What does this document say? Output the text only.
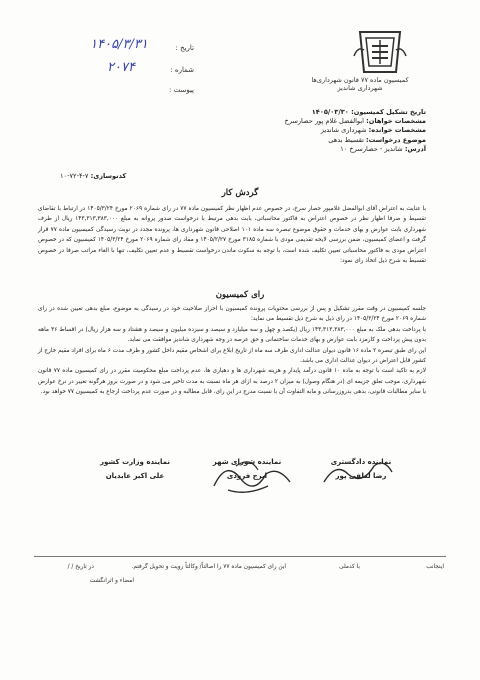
کمیسیون ماده ۷۷ قانون شهرداری‌ها
شهرداری شاندیز
تاریخ :
۱۴۰۵/۳/۳۱
شماره :
۲۰۷۴
پیوست :
تاریخ تشکیل کمیسیون: ۱۴۰۵/۰۳/۳۰
مشخصات خواهان: ابوالفضل غلام پور حصارسرخ
مشخصات خوانده: شهرداری شاندیز
موضوع درخواست: تقسیط بدهی
آدرس: شاندیز - حصارسرخ ۱۰
کدنوسازی: ۷-۴-۷۲-۱۰
گردش کار
با عنایت به اعتراض آقای ابوالفضل غلامپور حصار سرخ، در خصوص عدم اظهار نظر کمیسیون ماده ۷۷ در رای شماره ۲۰۶۹ مورخ ۱۴۰۵/۳/۲۴ در ارتباط با تقاضای تقسیط و صرفا اظهار نظر در خصوص اعتراض به فاکتور محاسباتی، بابت بدهی مرتبط با درخواست صدور پروانه به مبلغ ۱۴۳,۳۱۳,۳۸۳,۰۰۰ ریال از طرف شهرداری بابت عوارض و بهای خدمات و حقوق موضوع تبصره سه ماده ۱۰۱ اصلاحی قانون شهرداری ها، پرونده مجدد در نوبت رسیدگی کمیسیون ماده ۷۷ قرار گرفت و اعضای کمیسیون، ضمن بررسی لایحه تقدیمی مودی با شماره ۳۱۸۵ مورخ ۱۴۰۵/۲/۲۷ و مفاد رای شماره ۲۰۶۹ مورخ ۱۴۰۵/۳/۲۴ کمیسیون که در خصوص اعتراض مودی به فاکتور محاسباتی تعیین تکلیف شده است، با توجه به سکوت ماندن درخواست تقسیط و عدم تعیین تکلیف، تنها با الغاء مراتب صرفا در خصوص تقسیط به شرح ذیل اتخاذ رای نمود:
رای کمیسیون
جلسه کمیسیون در وقت مقرر تشکیل و پس از بررسی محتویات پرونده کمیسیون با احراز صلاحیت خود در رسیدگی به موضوع، مبلغ بدهی تعیین شده در رای شماره ۲۰۶۹ مورخ ۱۴۰۵/۳/۲۴ در رای ذیل به شرح ذیل تقسیط می نماید:
با پرداخت بدهی ملک به مبلغ ۱۴۳,۳۱۳,۳۸۳,۰۰۰ ریال (یکصد و چهل و سه میلیارد و سیصد و سیزده میلیون و سیصد و هشتاد و سه هزار ریال) در اقساط ۳۶ ماهه بدون پیش پرداخت و کارمزد بابت عوارض و بهای خدمات ساختمانی و حق عرصه در وجه شهرداری شاندیز موافقت می نماید.
این رای طبق تبصره ۲ ماده ۱۶ قانون دیوان عدالت اداری ظرف سه ماه از تاریخ ابلاغ برای اشخاص مقیم داخل کشور و ظرف مدت ۶ ماه برای افراد مقیم خارج از کشور قابل اعتراض در دیوان عدالت اداری می باشد.
لازم به تاکید است با توجه به ماده ۱۰ قانون درآمد پایدار و هزینه شهرداری ها و دهیاری ها، عدم پرداخت مبلغ محکومیت مقرر در رای کمیسیون ماده ۷۷ قانون شهرداری، موجب تعلق جریمه ای (در هنگام وصول) به میزان ۲ درصد به ازای هر ماه نسبت به مدت تاخیر می شود و در صورت بروز هرگونه تغییر در نرخ عوارض یا سایر مطالبات قانونی، بدهی بدروزرسانی و مابه التفاوت آن با نسبت مدرج در این رای، قابل مطالبه و در صورت عدم پرداخت ارجاع به کمیسیون ۷۷ خواهد بود.
نماینده دادگستری
رضا لطفی پور
نماینده شورای شهر
ایرج فرودی
نماینده وزارت کشور
علی اکبر عابدیان
اینجانب
با کدملی
این رای کمیسیون ماده ۷۷ را اصالتاً/ وکالتاً رویت و تحویل گرفتم.
در تاریخ / /
امضاء و اثرانگشت
